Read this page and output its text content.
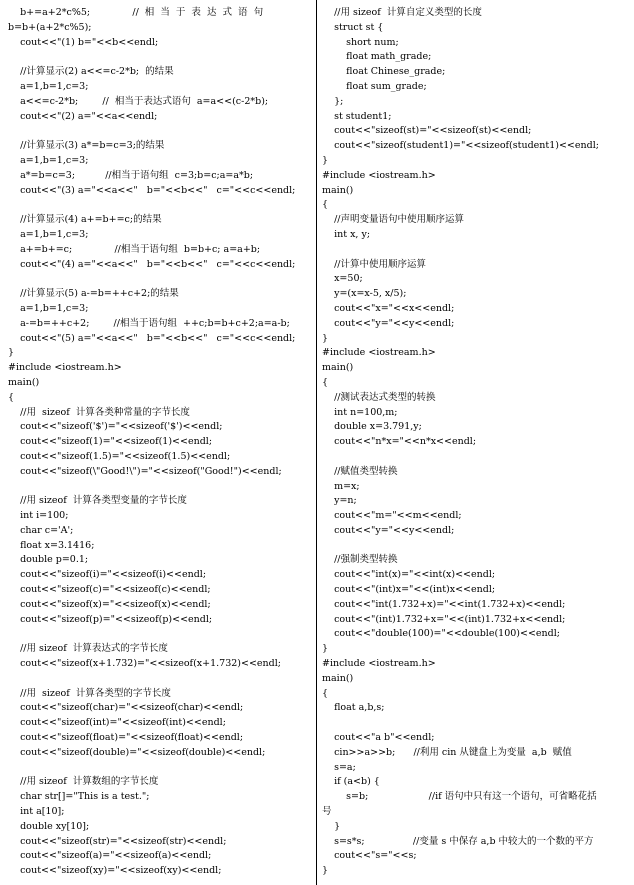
b+=a+2*c%5;              //  相  当  于  表  达  式  语  句
b=b+(a+2*c%5);
cout<<"(1) b="<<b<<endl;
//计算显示(2) a<<=c-2*b;  的结果
a=1,b=1,c=3;
a<<=c-2*b;        //  相当于表达式语句  a=a<<(c-2*b);
cout<<"(2) a="<<a<<endl;
//计算显示(3) a*=b=c=3;的结果
a=1,b=1,c=3;
a*=b=c=3;          //相当于语句组  c=3;b=c;a=a*b;
cout<<"(3) a="<<a<<"   b="<<b<<"   c="<<c<<endl;
//计算显示(4) a+=b+=c;的结果
a=1,b=1,c=3;
a+=b+=c;              //相当于语句组  b=b+c; a=a+b;
cout<<"(4) a="<<a<<"   b="<<b<<"   c="<<c<<endl;
//计算显示(5) a-=b=++c+2;的结果
a=1,b=1,c=3;
a-=b=++c+2;        //相当于语句组  ++c;b=b+c+2;a=a-b;
cout<<"(5) a="<<a<<"   b="<<b<<"   c="<<c<<endl;
}
#include <iostream.h>
main()
{
//用  sizeof  计算各类种常量的字节长度
cout<<"sizeof('$')="<<sizeof('$')<<endl;
cout<<"sizeof(1)="<<sizeof(1)<<endl;
cout<<"sizeof(1.5)="<<sizeof(1.5)<<endl;
cout<<"sizeof(\"Good!\")="<<sizeof("Good!")<<endl;
//用 sizeof  计算各类型变量的字节长度
int i=100;
char c='A';
float x=3.1416;
double p=0.1;
cout<<"sizeof(i)="<<sizeof(i)<<endl;
cout<<"sizeof(c)="<<sizeof(c)<<endl;
cout<<"sizeof(x)="<<sizeof(x)<<endl;
cout<<"sizeof(p)="<<sizeof(p)<<endl;
//用 sizeof  计算表达式的字节长度
cout<<"sizeof(x+1.732)="<<sizeof(x+1.732)<<endl;
//用  sizeof  计算各类型的字节长度
cout<<"sizeof(char)="<<sizeof(char)<<endl;
cout<<"sizeof(int)="<<sizeof(int)<<endl;
cout<<"sizeof(float)="<<sizeof(float)<<endl;
cout<<"sizeof(double)="<<sizeof(double)<<endl;
//用 sizeof  计算数组的字节长度
char str[]="This is a test.";
int a[10];
double xy[10];
cout<<"sizeof(str)="<<sizeof(str)<<endl;
cout<<"sizeof(a)="<<sizeof(a)<<endl;
cout<<"sizeof(xy)="<<sizeof(xy)<<endl;
//用 sizeof  计算自定义类型的长度
struct st {
short num;
float math_grade;
float Chinese_grade;
float sum_grade;
};
st student1;
cout<<"sizeof(st)="<<sizeof(st)<<endl;
cout<<"sizeof(student1)="<<sizeof(student1)<<endl;
}
#include <iostream.h>
main()
{
//声明变量语句中使用顺序运算
int x, y;
//计算中使用顺序运算
x=50;
y=(x=x-5, x/5);
cout<<"x="<<x<<endl;
cout<<"y="<<y<<endl;
}
#include <iostream.h>
main()
{
//测试表达式类型的转换
int n=100,m;
double x=3.791,y;
cout<<"n*x="<<n*x<<endl;
//赋值类型转换
m=x;
y=n;
cout<<"m="<<m<<endl;
cout<<"y="<<y<<endl;
//强制类型转换
cout<<"int(x)="<<int(x)<<endl;
cout<<"(int)x="<<(int)x<<endl;
cout<<"int(1.732+x)="<<int(1.732+x)<<endl;
cout<<"(int)1.732+x="<<(int)1.732+x<<endl;
cout<<"double(100)="<<double(100)<<endl;
}
#include <iostream.h>
main()
{
float a,b,s;
cout<<"a b"<<endl;
cin>>a>>b;      //利用 cin 从键盘上为变量  a,b  赋值
s=a;
if (a<b) {
s=b;                    //if 语句中只有这一个语句，可省略花括
号
}
s=s*s;                //变量 s 中保存 a,b 中较大的一个数的平方
cout<<"s="<<s;
}
